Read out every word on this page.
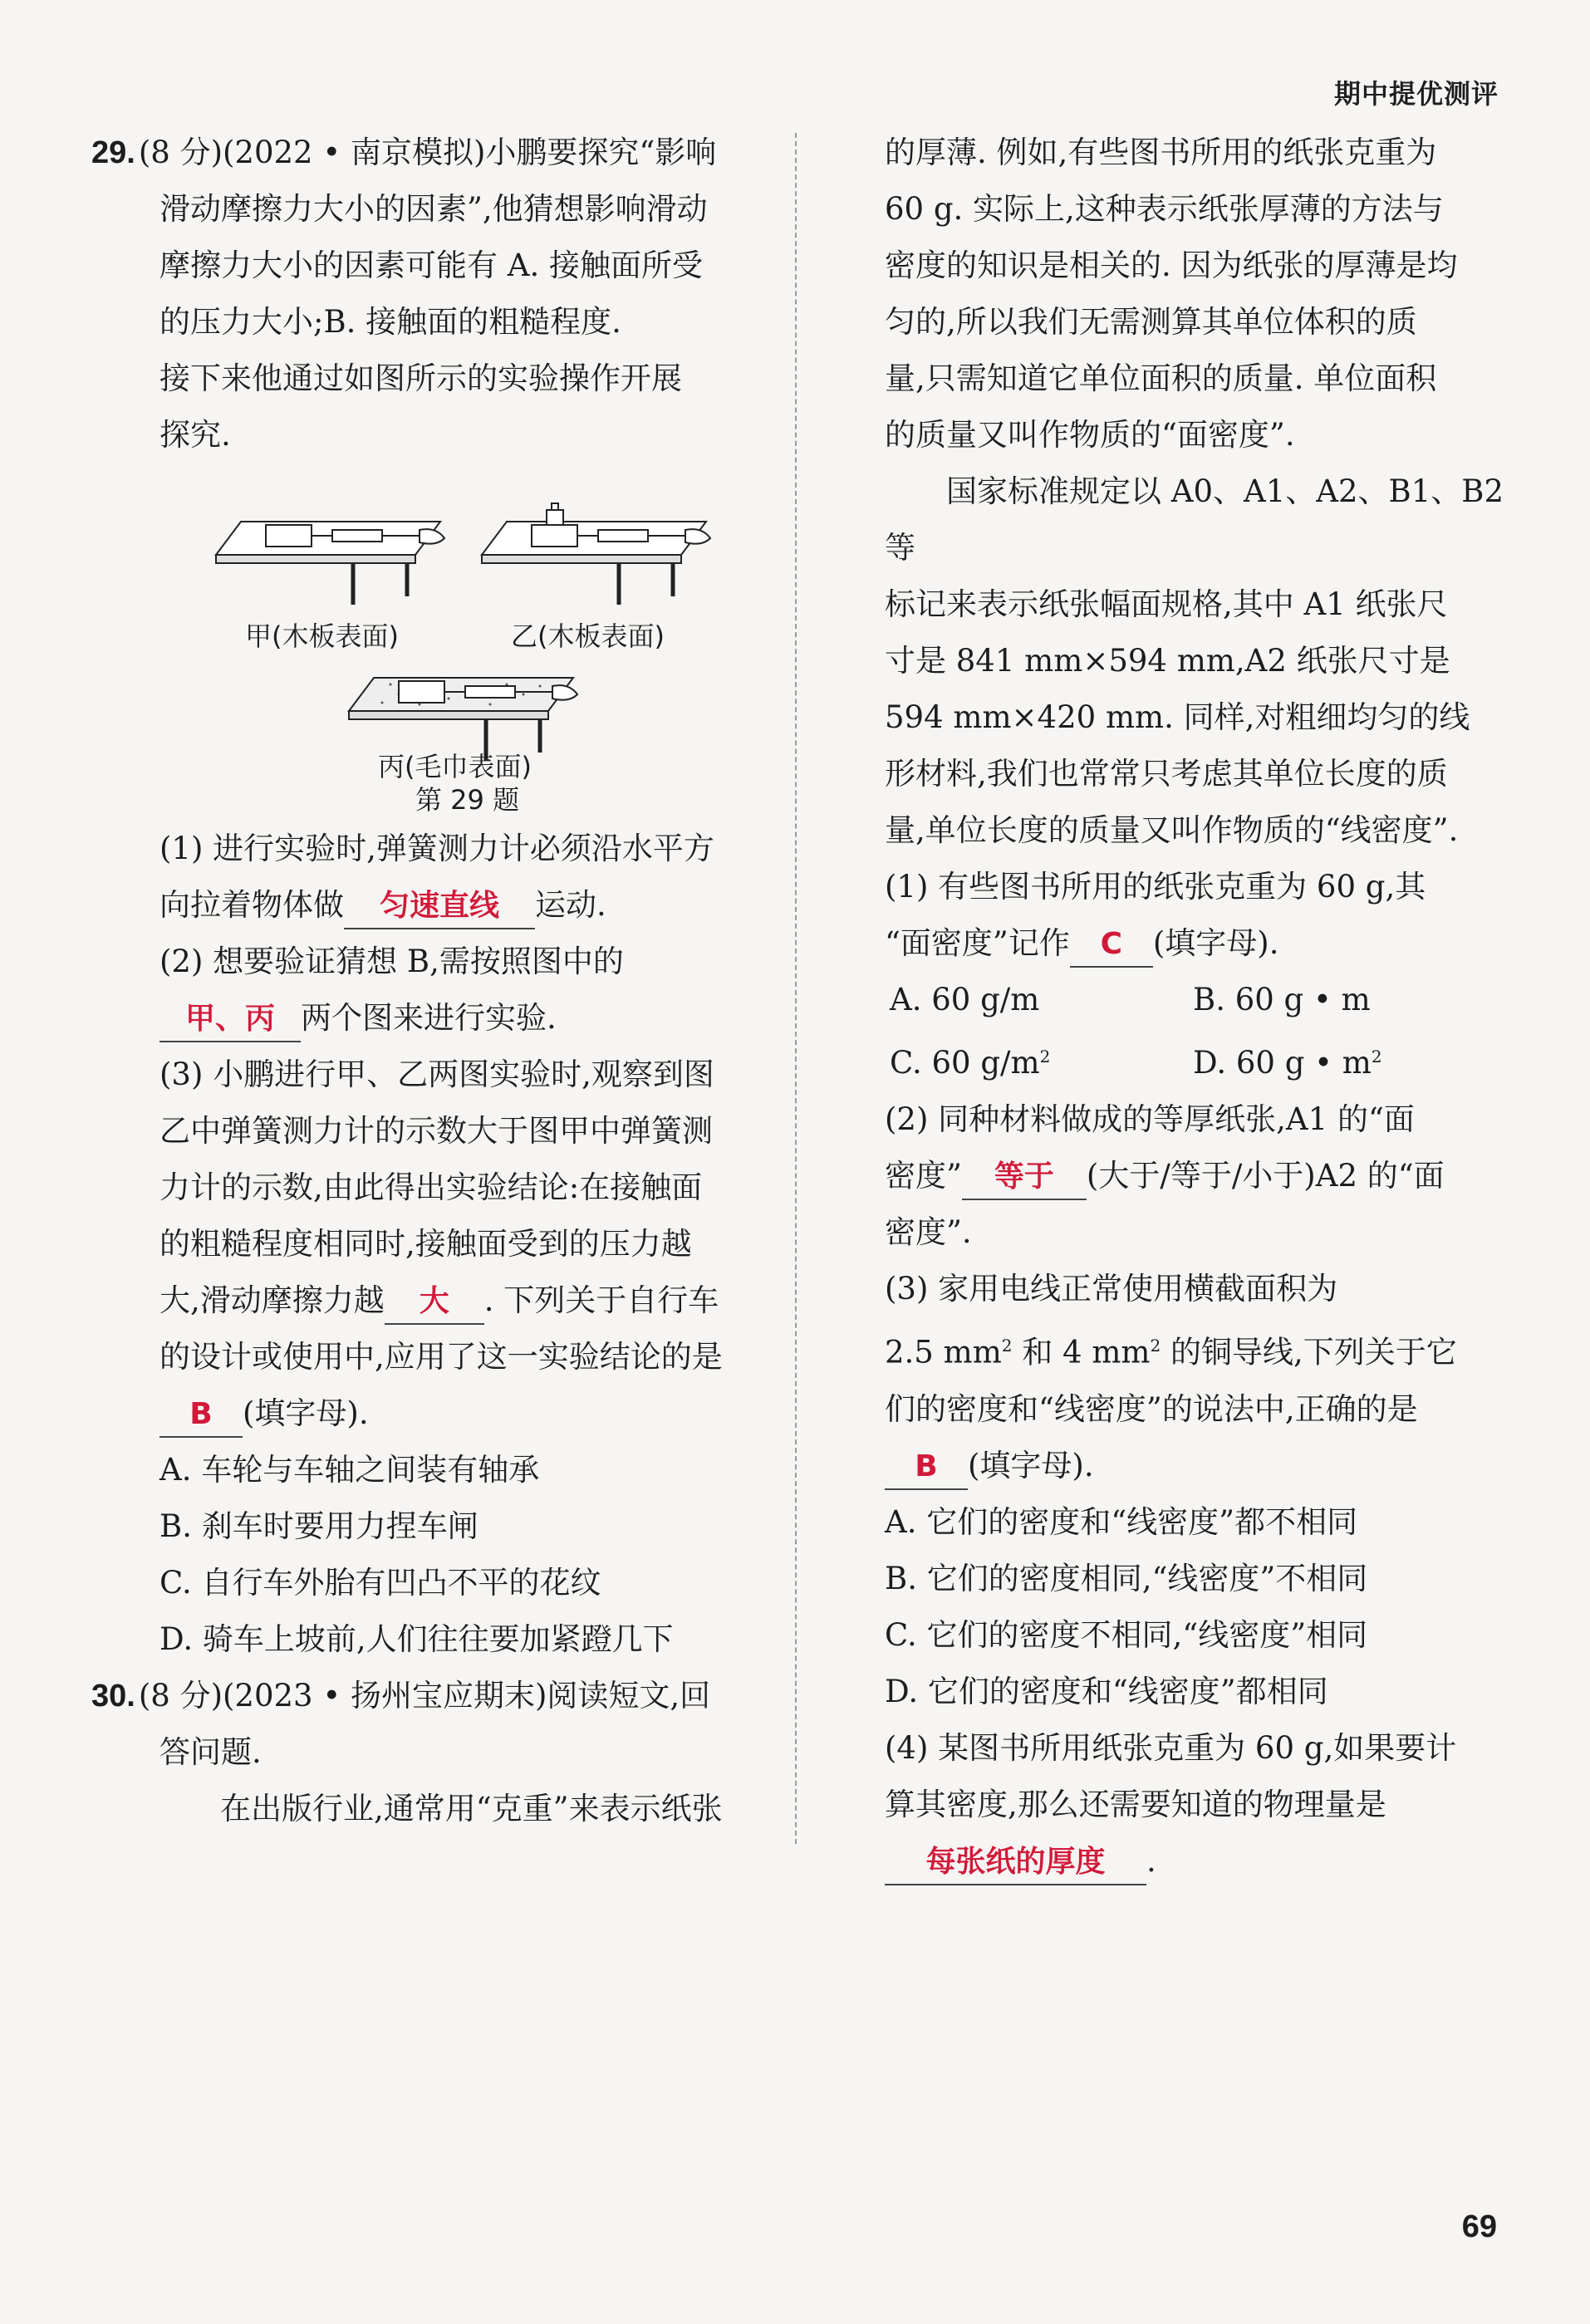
期中提优测评

29. (8 分)(2022 • 南京模拟)小鹏要探究“影响

滑动摩擦力大小的因素”,他猜想影响滑动

摩擦力大小的因素可能有 A. 接触面所受

的压力大小;B. 接触面的粗糙程度.

接下来他通过如图所示的实验操作开展

探究.

甲(木板表面)	乙(木板表面)
丙(毛巾表面)
第 29 题

(1) 进行实验时,弹簧测力计必须沿水平方

向拉着物体做 匀速直线 运动.

(2) 想要验证猜想 B,需按照图中的

甲、丙 两个图来进行实验.

(3) 小鹏进行甲、乙两图实验时,观察到图

乙中弹簧测力计的示数大于图甲中弹簧测

力计的示数,由此得出实验结论:在接触面

的粗糙程度相同时,接触面受到的压力越

大,滑动摩擦力越 大 . 下列关于自行车

的设计或使用中,应用了这一实验结论的是

B (填字母).

A. 车轮与车轴之间装有轴承

B. 刹车时要用力捏车闸

C. 自行车外胎有凹凸不平的花纹

D. 骑车上坡前,人们往往要加紧蹬几下

30. (8 分)(2023 • 扬州宝应期末)阅读短文,回

答问题.

在出版行业,通常用“克重”来表示纸张

的厚薄. 例如,有些图书所用的纸张克重为

60 g. 实际上,这种表示纸张厚薄的方法与

密度的知识是相关的. 因为纸张的厚薄是均

匀的,所以我们无需测算其单位体积的质

量,只需知道它单位面积的质量. 单位面积

的质量又叫作物质的“面密度”.

国家标准规定以 A0、A1、A2、B1、B2 等

标记来表示纸张幅面规格,其中 A1 纸张尺

寸是 841 mm×594 mm,A2 纸张尺寸是

594 mm×420 mm. 同样,对粗细均匀的线

形材料,我们也常常只考虑其单位长度的质

量,单位长度的质量又叫作物质的“线密度”.

(1) 有些图书所用的纸张克重为 60 g,其

“面密度”记作 C (填字母).

A. 60 g/m	B. 60 g • m

C. 60 $g/m^2$	D. 60 g • $m^2$

(2) 同种材料做成的等厚纸张,A1 的“面

密度” 等于 (大于/等于/小于)A2 的“面

密度”.

(3) 家用电线正常使用横截面积为

2.5 $mm^2$ 和 4 $mm^2$ 的铜导线,下列关于它

们的密度和“线密度”的说法中,正确的是

B (填字母).

A. 它们的密度和“线密度”都不相同

B. 它们的密度相同,“线密度”不相同

C. 它们的密度不相同,“线密度”相同

D. 它们的密度和“线密度”都相同

(4) 某图书所用纸张克重为 60 g,如果要计

算其密度,那么还需要知道的物理量是

每张纸的厚度 .

69
